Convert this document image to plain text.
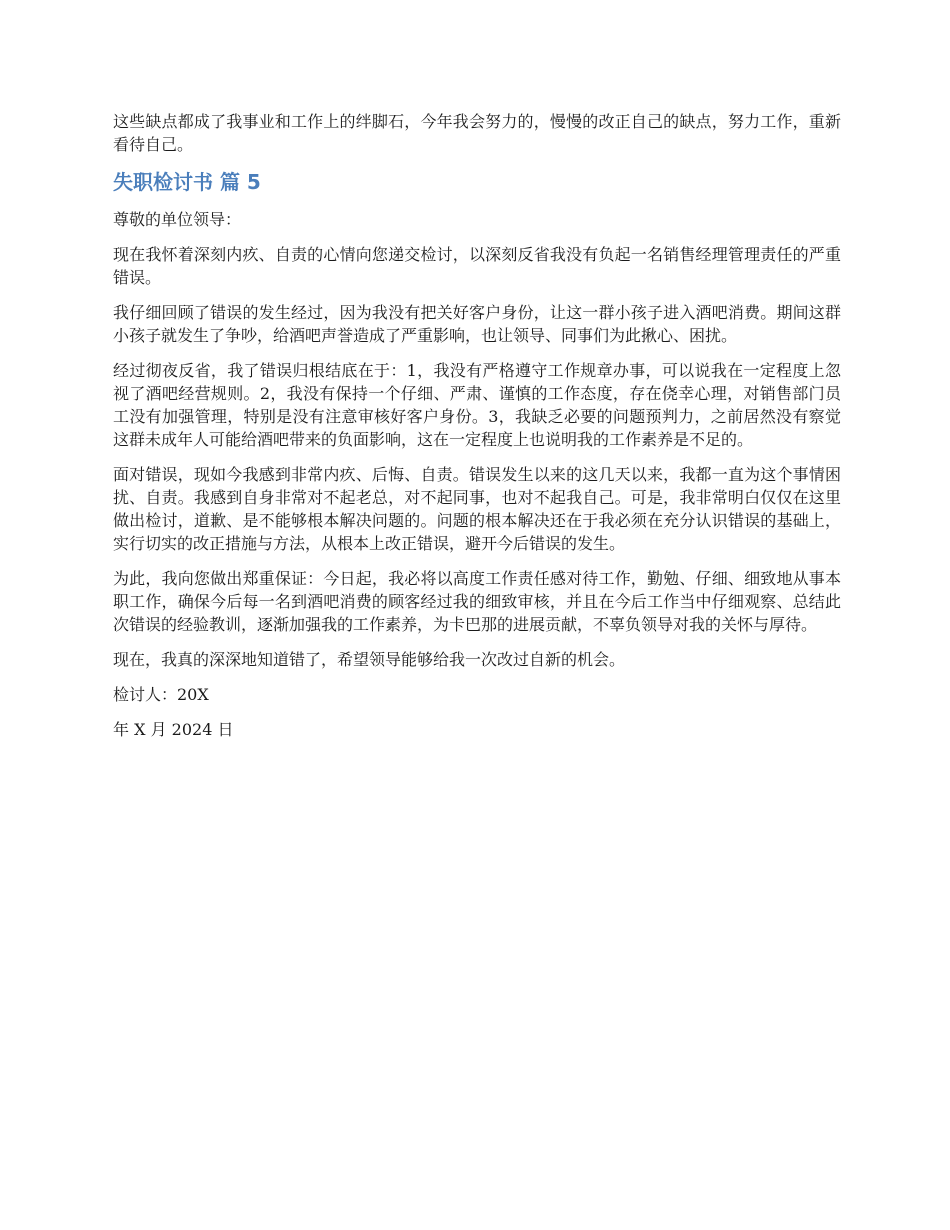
这些缺点都成了我事业和工作上的绊脚石，今年我会努力的，慢慢的改正自己的缺点，努力工作，重新看待自己。

失职检讨书 篇 5

尊敬的单位领导：

现在我怀着深刻内疚、自责的心情向您递交检讨，以深刻反省我没有负起一名销售经理管理责任的严重错误。

我仔细回顾了错误的发生经过，因为我没有把关好客户身份，让这一群小孩子进入酒吧消费。期间这群小孩子就发生了争吵，给酒吧声誉造成了严重影响，也让领导、同事们为此揪心、困扰。

经过彻夜反省，我了错误归根结底在于：1，我没有严格遵守工作规章办事，可以说我在一定程度上忽视了酒吧经营规则。2，我没有保持一个仔细、严肃、谨慎的工作态度，存在侥幸心理，对销售部门员工没有加强管理，特别是没有注意审核好客户身份。3，我缺乏必要的问题预判力，之前居然没有察觉这群未成年人可能给酒吧带来的负面影响，这在一定程度上也说明我的工作素养是不足的。

面对错误，现如今我感到非常内疚、后悔、自责。错误发生以来的这几天以来，我都一直为这个事情困扰、自责。我感到自身非常对不起老总，对不起同事，也对不起我自己。可是，我非常明白仅仅在这里做出检讨，道歉、是不能够根本解决问题的。问题的根本解决还在于我必须在充分认识错误的基础上，实行切实的改正措施与方法，从根本上改正错误，避开今后错误的发生。

为此，我向您做出郑重保证：今日起，我必将以高度工作责任感对待工作，勤勉、仔细、细致地从事本职工作，确保今后每一名到酒吧消费的顾客经过我的细致审核，并且在今后工作当中仔细观察、总结此次错误的经验教训，逐渐加强我的工作素养，为卡巴那的进展贡献，不辜负领导对我的关怀与厚待。

现在，我真的深深地知道错了，希望领导能够给我一次改过自新的机会。

检讨人：20X

年 X 月 2024 日
